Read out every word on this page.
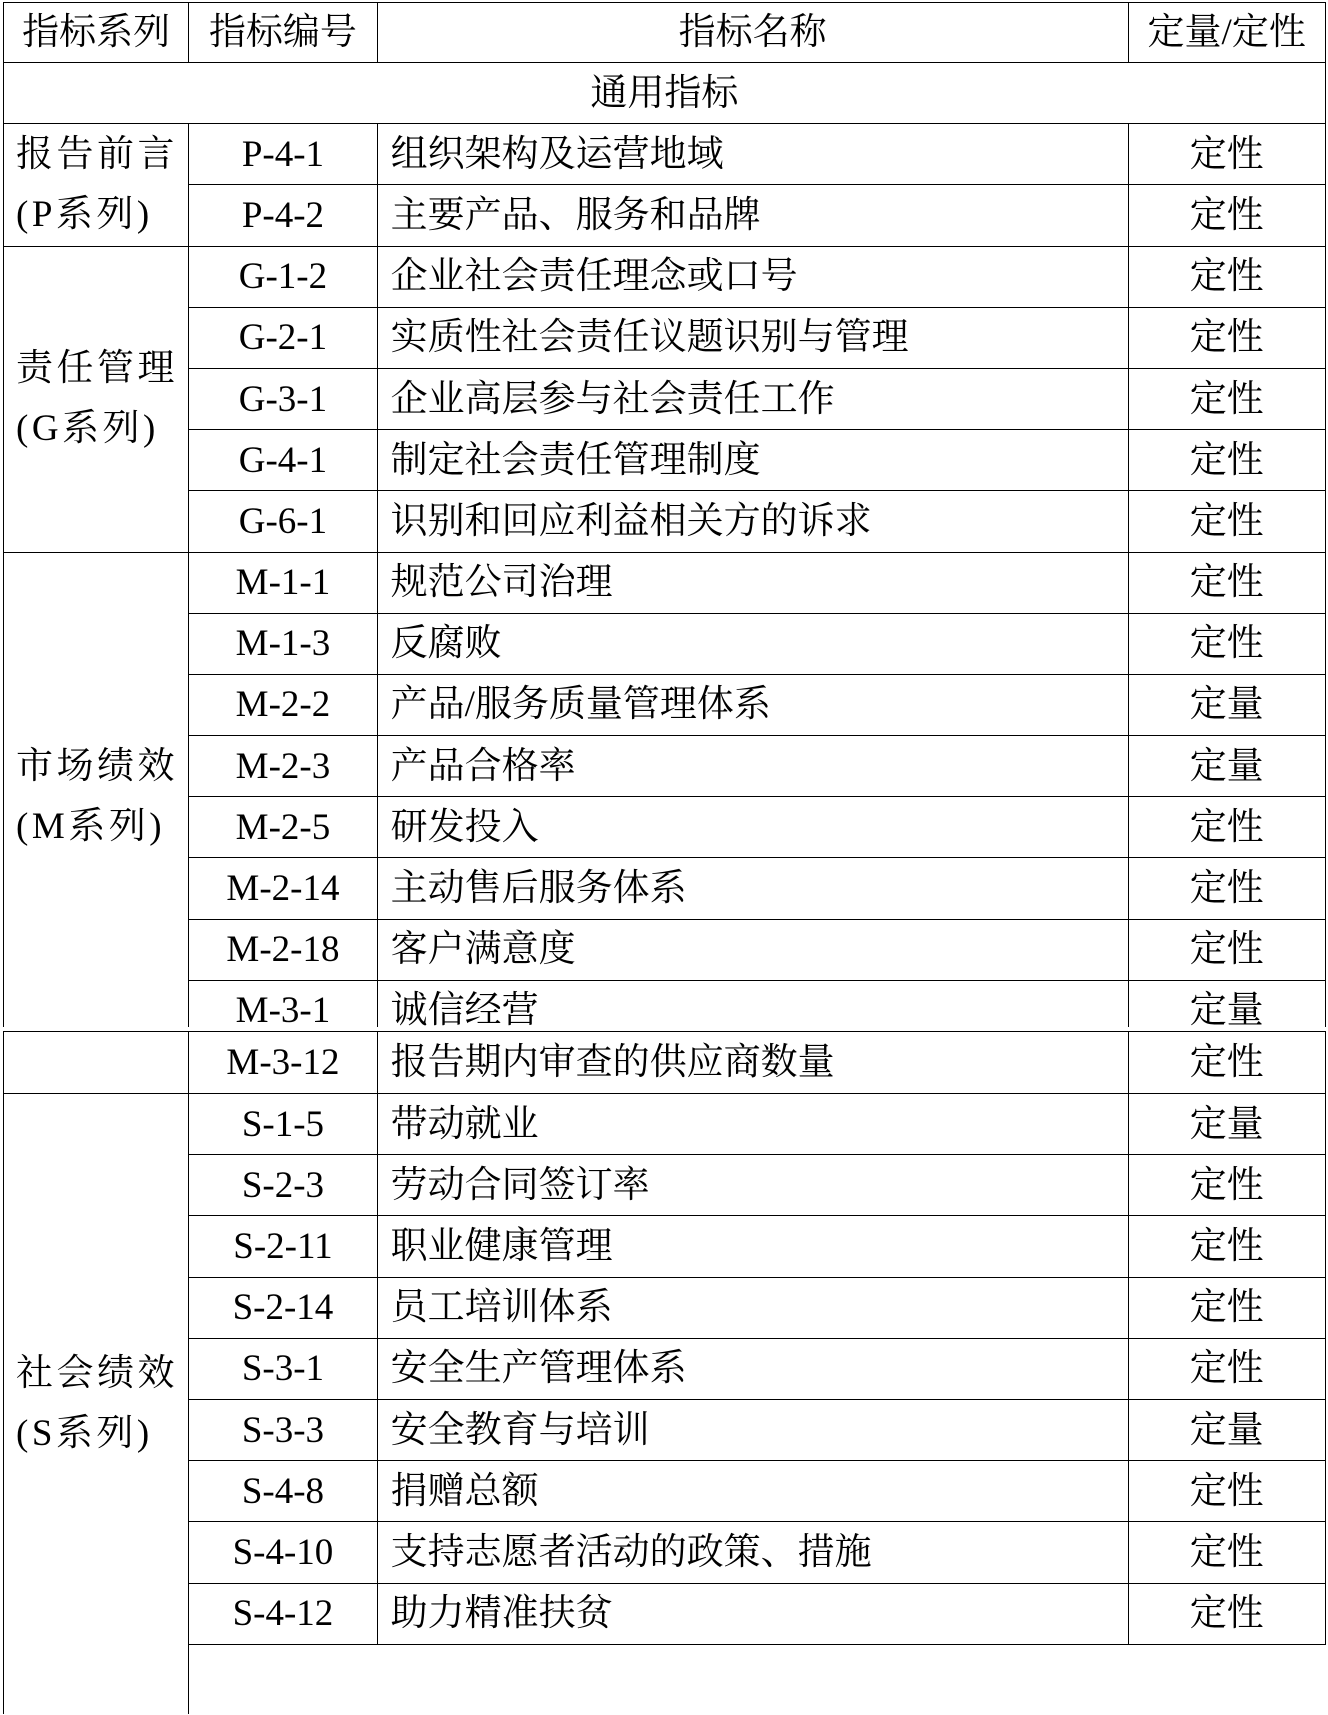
指标系列	指标编号	指标名称	定量/定性
通用指标
报告前言
(P系列)
P-4-1	组织架构及运营地域	定性
P-4-2	主要产品、服务和品牌	定性
责任管理
(G系列)
G-1-2	企业社会责任理念或口号	定性
G-2-1	实质性社会责任议题识别与管理	定性
G-3-1	企业高层参与社会责任工作	定性
G-4-1	制定社会责任管理制度	定性
G-6-1	识别和回应利益相关方的诉求	定性
市场绩效
(M系列)
M-1-1	规范公司治理	定性
M-1-3	反腐败	定性
M-2-2	产品/服务质量管理体系	定量
M-2-3	产品合格率	定量
M-2-5	研发投入	定性
M-2-14	主动售后服务体系	定性
M-2-18	客户满意度	定性
M-3-1	诚信经营	定量
M-3-12	报告期内审查的供应商数量	定性
社会绩效
(S系列)
S-1-5	带动就业	定量
S-2-3	劳动合同签订率	定性
S-2-11	职业健康管理	定性
S-2-14	员工培训体系	定性
S-3-1	安全生产管理体系	定性
S-3-3	安全教育与培训	定量
S-4-8	捐赠总额	定性
S-4-10	支持志愿者活动的政策、措施	定性
S-4-12	助力精准扶贫	定性
